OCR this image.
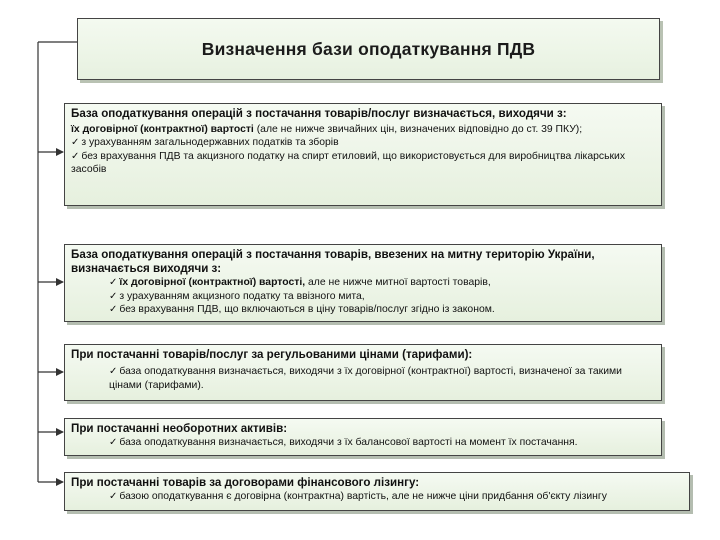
Визначення бази оподаткування ПДВ
База оподаткування операцій з постачання товарів/послуг визначається, виходячи з:
їх договірної (контрактної) вартості (але не нижче звичайних цін, визначених відповідно до ст. 39 ПКУ);
✓ з урахуванням загальнодержавних податків та зборів
✓ без врахування ПДВ та акцизного податку на спирт етиловий, що використовується для виробництва лікарських засобів
База оподаткування операцій з постачання товарів, ввезених на митну територію України, визначається виходячи з:
✓ їх договірної (контрактної) вартості, але не нижче митної вартості товарів,
✓ з урахуванням акцизного податку та ввізного мита,
✓ без врахування ПДВ, що включаються в ціну товарів/послуг згідно із законом.
При постачанні товарів/послуг за регульованими цінами (тарифами):
✓ база оподаткування визначається, виходячи з їх договірної (контрактної) вартості, визначеної за такими цінами (тарифами).
При постачанні необоротних активів:
✓ база оподаткування визначається, виходячи з їх балансової вартості на момент їх постачання.
При постачанні товарів за договорами фінансового лізингу:
✓ базою оподаткування є договірна (контрактна) вартість, але не нижче ціни придбання об'єкту лізингу
